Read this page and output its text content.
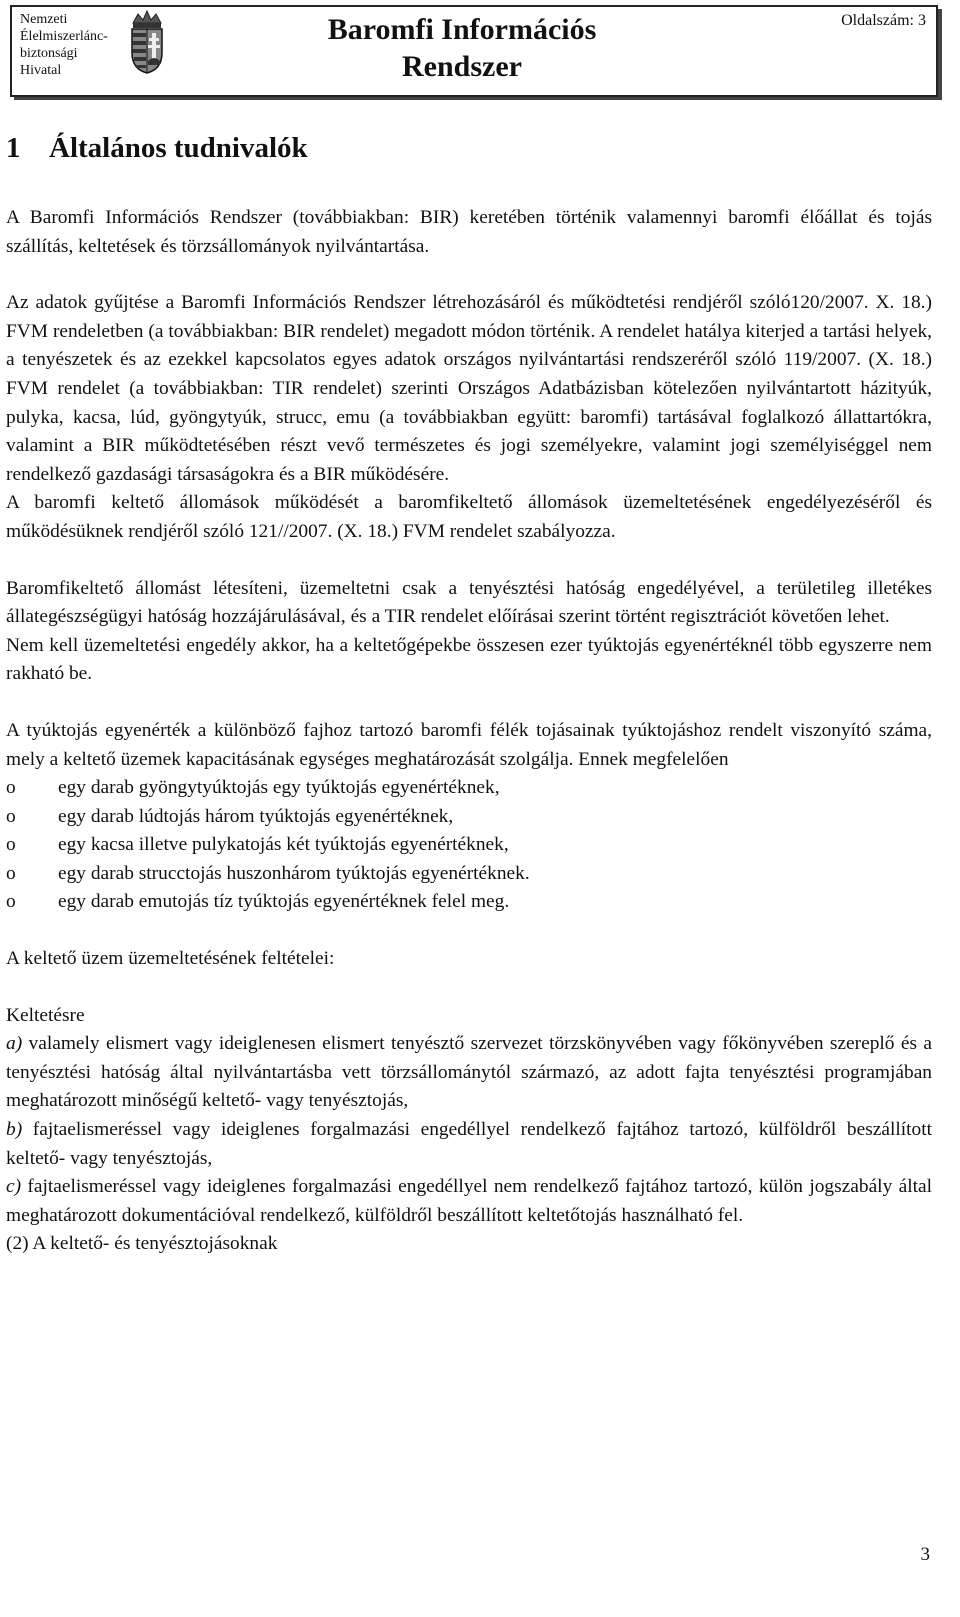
Nemzeti
Élelmiszerlánc-
biztonsági
Hivatal
Baromfi Információs
Rendszer
Oldalszám: 3
1 Általános tudnivalók

A Baromfi Információs Rendszer (továbbiakban: BIR) keretében történik valamennyi baromfi élőállat és tojás szállítás, keltetések és törzsállományok nyilvántartása.

Az adatok gyűjtése a Baromfi Információs Rendszer létrehozásáról és működtetési rendjéről szóló120/2007. X. 18.) FVM rendeletben (a továbbiakban: BIR rendelet) megadott módon történik. A rendelet hatálya kiterjed a tartási helyek, a tenyészetek és az ezekkel kapcsolatos egyes adatok országos nyilvántartási rendszeréről szóló 119/2007. (X. 18.) FVM rendelet (a továbbiakban: TIR rendelet) szerinti Országos Adatbázisban kötelezően nyilvántartott házityúk, pulyka, kacsa, lúd, gyöngytyúk, strucc, emu (a továbbiakban együtt: baromfi) tartásával foglalkozó állattartókra, valamint a BIR működtetésében részt vevő természetes és jogi személyekre, valamint jogi személyiséggel nem rendelkező gazdasági társaságokra és a BIR működésére.

A baromfi keltető állomások működését a baromfikeltető állomások üzemeltetésének engedélyezéséről és működésüknek rendjéről szóló 121//2007. (X. 18.) FVM rendelet szabályozza.

Baromfikeltető állomást létesíteni, üzemeltetni csak a tenyésztési hatóság engedélyével, a területileg illetékes állategészségügyi hatóság hozzájárulásával, és a TIR rendelet előírásai szerint történt regisztrációt követően lehet.

Nem kell üzemeltetési engedély akkor, ha a keltetőgépekbe összesen ezer tyúktojás egyenértéknél több egyszerre nem rakható be.

A tyúktojás egyenérték a különböző fajhoz tartozó baromfi félék tojásainak tyúktojáshoz rendelt viszonyító száma, mely a keltető üzemek kapacitásának egységes meghatározását szolgálja. Ennek megfelelően

o	egy darab gyöngytyúktojás egy tyúktojás egyenértéknek,
o	egy darab lúdtojás három tyúktojás egyenértéknek,
o	egy kacsa illetve pulykatojás két tyúktojás egyenértéknek,
o	egy darab strucctojás huszonhárom tyúktojás egyenértéknek.
o	egy darab emutojás tíz tyúktojás egyenértéknek felel meg.

A keltető üzem üzemeltetésének feltételei:

Keltetésre

a) valamely elismert vagy ideiglenesen elismert tenyésztő szervezet törzskönyvében vagy főkönyvében szereplő és a tenyésztési hatóság által nyilvántartásba vett törzsállománytól származó, az adott fajta tenyésztési programjában meghatározott minőségű keltető- vagy tenyésztojás,

b) fajtaelismeréssel vagy ideiglenes forgalmazási engedéllyel rendelkező fajtához tartozó, külföldről beszállított keltető- vagy tenyésztojás,

c) fajtaelismeréssel vagy ideiglenes forgalmazási engedéllyel nem rendelkező fajtához tartozó, külön jogszabály által meghatározott dokumentációval rendelkező, külföldről beszállított keltetőtojás használható fel.

(2) A keltető- és tenyésztojásoknak

3
